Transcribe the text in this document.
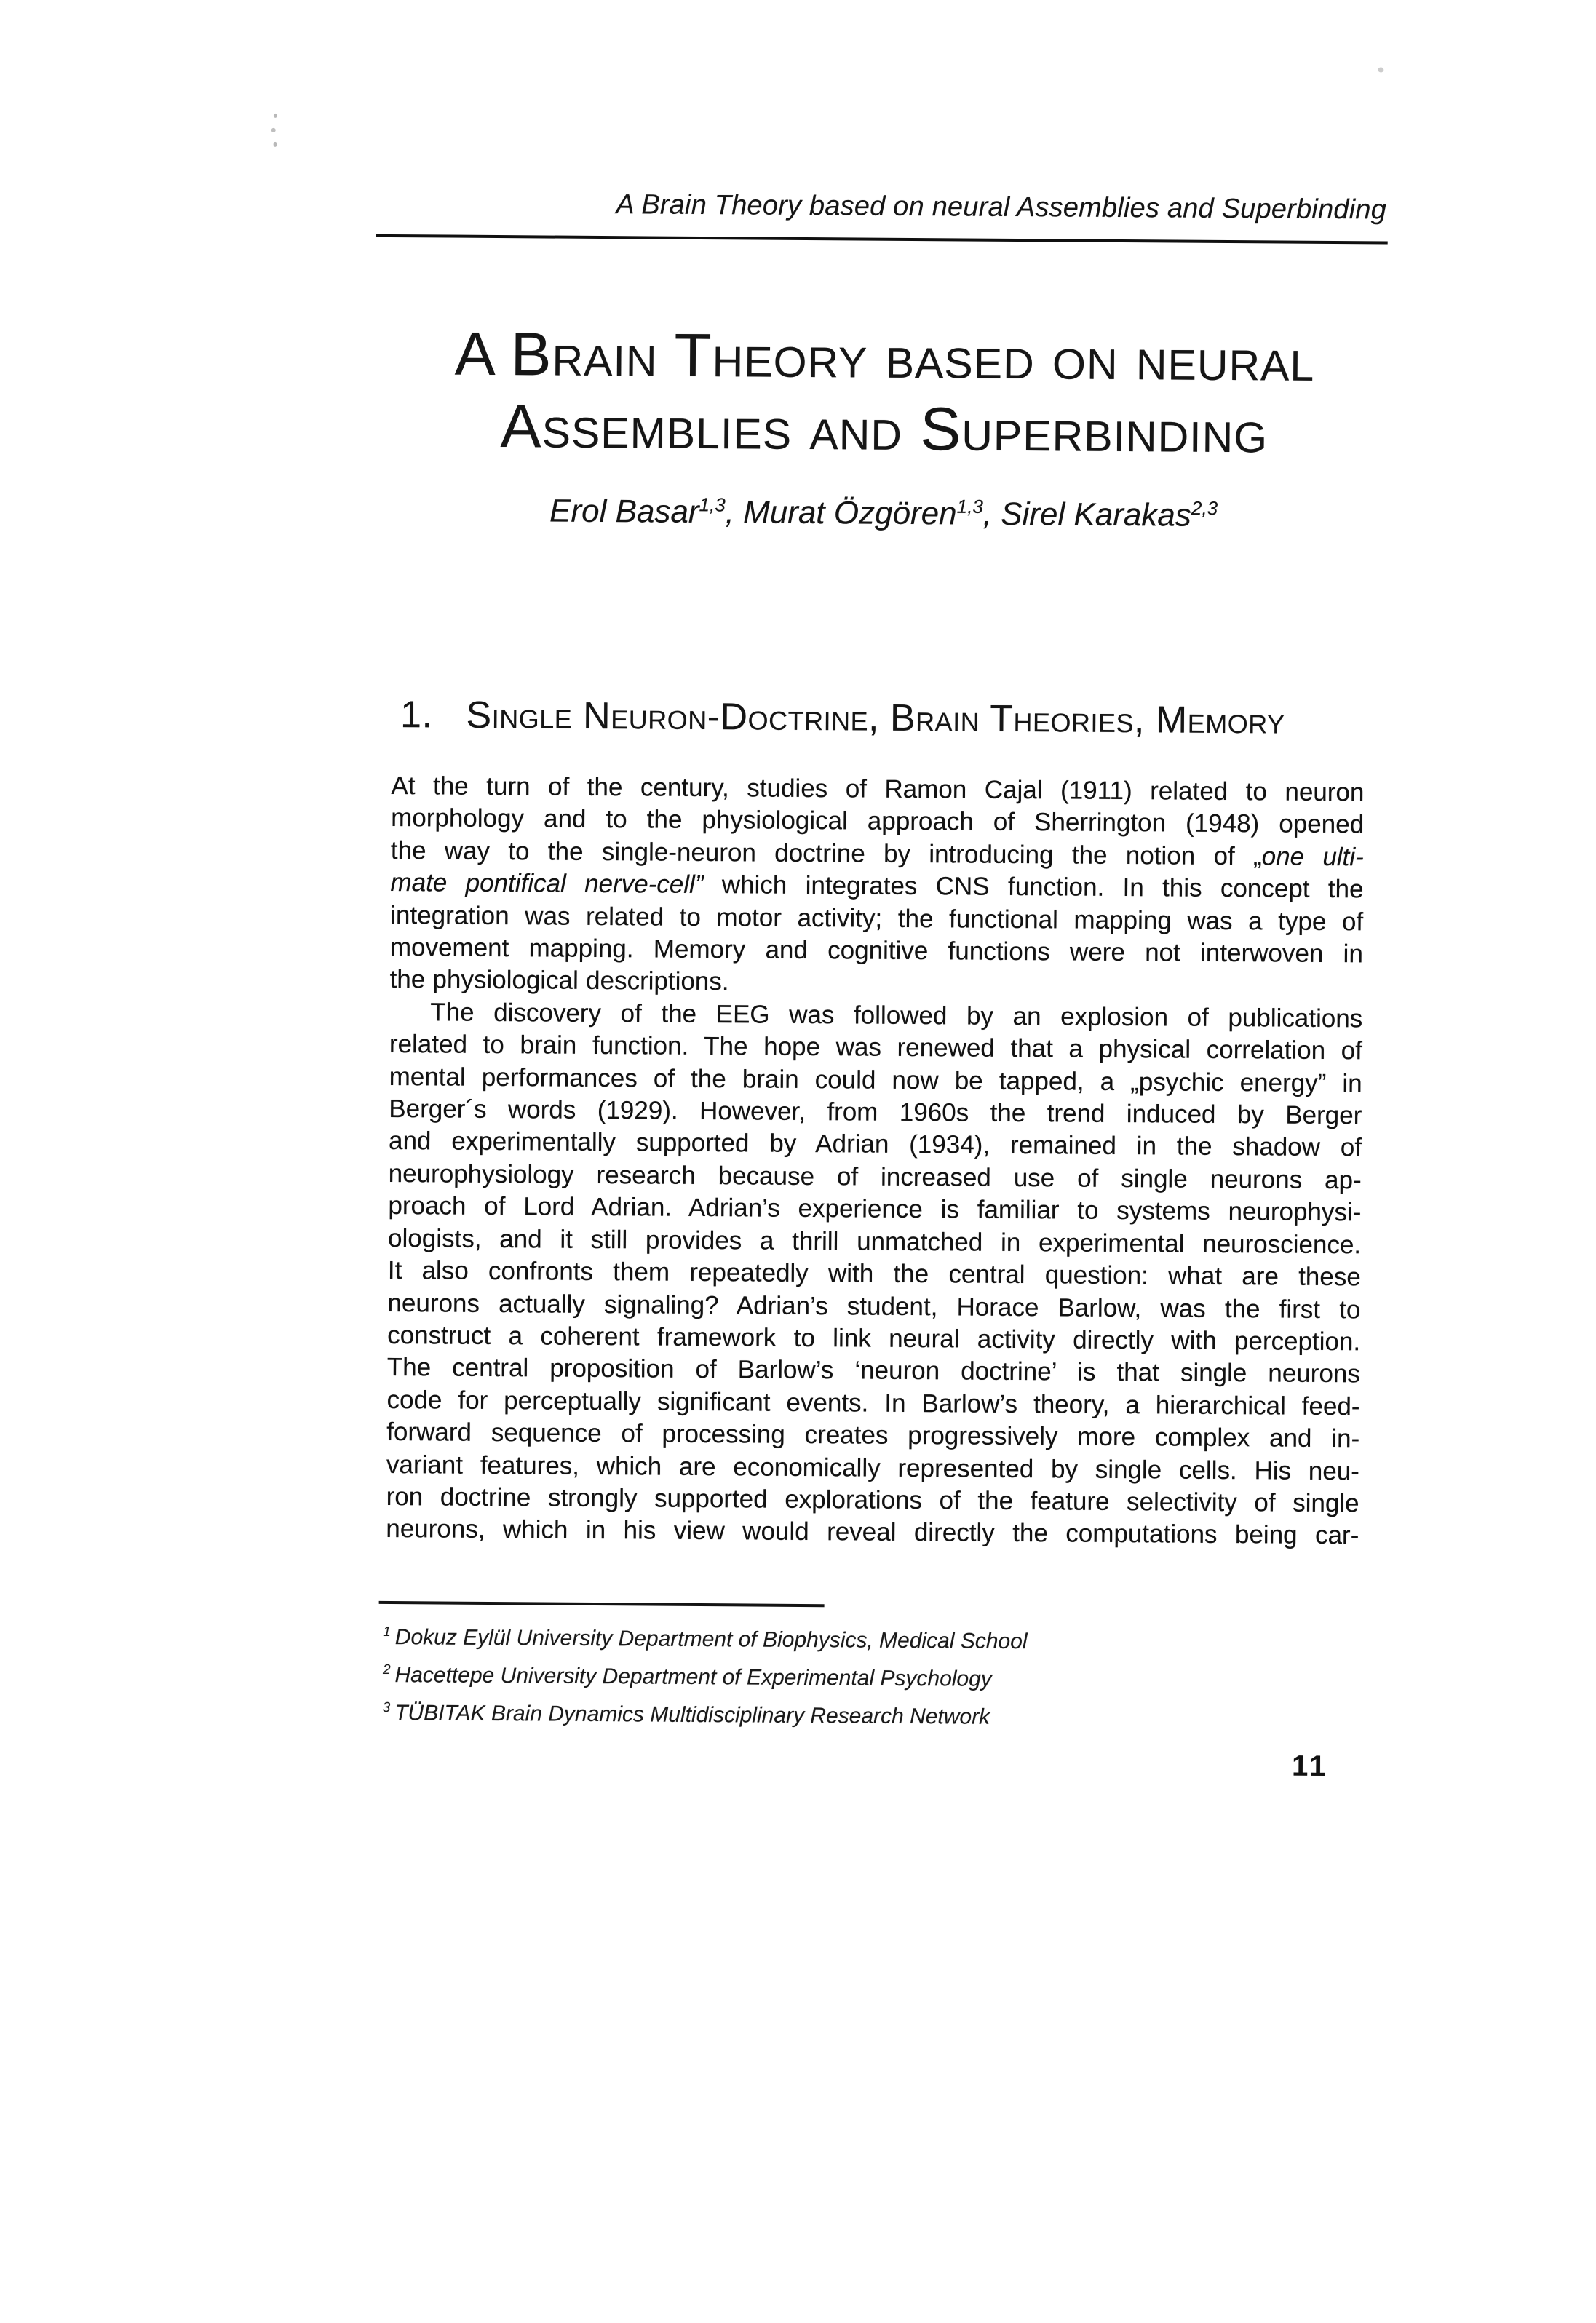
A Brain Theory based on neural Assemblies and Superbinding
A Brain Theory based on neural
Assemblies and Superbinding
Erol Basar$^{1,3}$, Murat Özgören$^{1,3}$, Sirel Karakas$^{2,3}$
1. Single Neuron-Doctrine, Brain Theories, Memory
At the turn of the century, studies of Ramon Cajal (1911) related to neuron
morphology and to the physiological approach of Sherrington (1948) opened
the way to the single-neuron doctrine by introducing the notion of „one ulti-
mate pontifical nerve-cell” which integrates CNS function. In this concept the
integration was related to motor activity; the functional mapping was a type of
movement mapping. Memory and cognitive functions were not interwoven in
the physiological descriptions.
The discovery of the EEG was followed by an explosion of publications
related to brain function. The hope was renewed that a physical correlation of
mental performances of the brain could now be tapped, a „psychic energy” in
Berger´s words (1929). However, from 1960s the trend induced by Berger
and experimentally supported by Adrian (1934), remained in the shadow of
neurophysiology research because of increased use of single neurons ap-
proach of Lord Adrian. Adrian’s experience is familiar to systems neurophysi-
ologists, and it still provides a thrill unmatched in experimental neuroscience.
It also confronts them repeatedly with the central question: what are these
neurons actually signaling? Adrian’s student, Horace Barlow, was the first to
construct a coherent framework to link neural activity directly with perception.
The central proposition of Barlow’s ‘neuron doctrine’ is that single neurons
code for perceptually significant events. In Barlow’s theory, a hierarchical feed-
forward sequence of processing creates progressively more complex and in-
variant features, which are economically represented by single cells. His neu-
ron doctrine strongly supported explorations of the feature selectivity of single
neurons, which in his view would reveal directly the computations being car-
$^1$ Dokuz Eylül University Department of Biophysics, Medical School
$^2$ Hacettepe University Department of Experimental Psychology
$^3$ TÜBITAK Brain Dynamics Multidisciplinary Research Network
11
